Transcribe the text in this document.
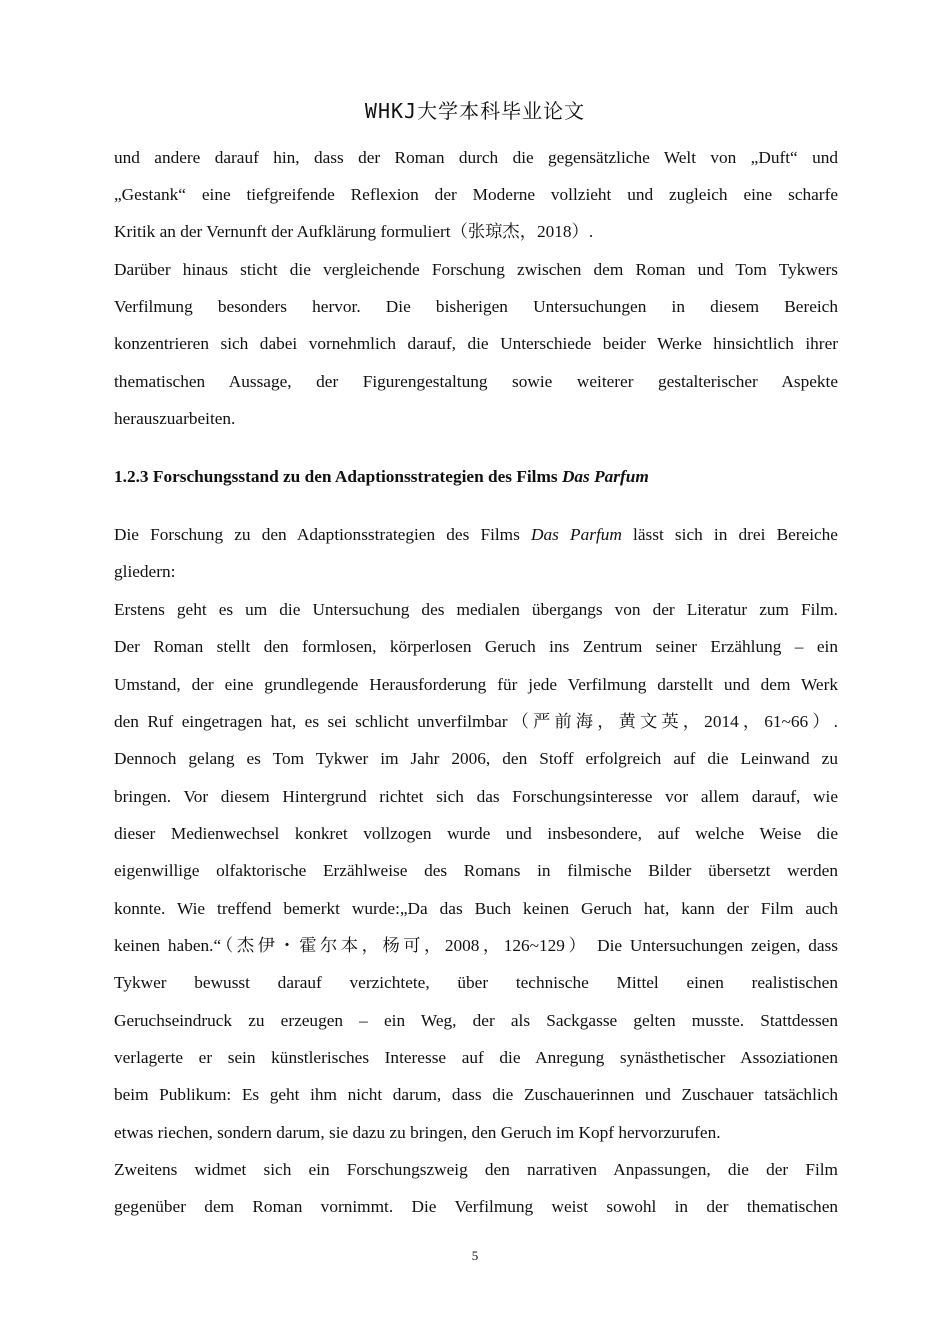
WHKJ大学本科毕业论文
und andere darauf hin, dass der Roman durch die gegensätzliche Welt von „Duft“ und
„Gestank“ eine tiefgreifende Reflexion der Moderne vollzieht und zugleich eine scharfe
Kritik an der Vernunft der Aufklärung formuliert（张琼杰，2018）.
Darüber hinaus sticht die vergleichende Forschung zwischen dem Roman und Tom Tykwers
Verfilmung besonders hervor. Die bisherigen Untersuchungen in diesem Bereich
konzentrieren sich dabei vornehmlich darauf, die Unterschiede beider Werke hinsichtlich ihrer
thematischen Aussage, der Figurengestaltung sowie weiterer gestalterischer Aspekte
herauszuarbeiten.
1.2.3 Forschungsstand zu den Adaptionsstrategien des Films Das Parfum
Die Forschung zu den Adaptionsstrategien des Films Das Parfum lässt sich in drei Bereiche
gliedern:
Erstens geht es um die Untersuchung des medialen übergangs von der Literatur zum Film.
Der Roman stellt den formlosen, körperlosen Geruch ins Zentrum seiner Erzählung – ein
Umstand, der eine grundlegende Herausforderung für jede Verfilmung darstellt und dem Werk
den Ruf eingetragen hat, es sei schlicht unverfilmbar（严前海，黄文英，2014，61~66）.
Dennoch gelang es Tom Tykwer im Jahr 2006, den Stoff erfolgreich auf die Leinwand zu
bringen. Vor diesem Hintergrund richtet sich das Forschungsinteresse vor allem darauf, wie
dieser Medienwechsel konkret vollzogen wurde und insbesondere, auf welche Weise die
eigenwillige olfaktorische Erzählweise des Romans in filmische Bilder übersetzt werden
konnte. Wie treffend bemerkt wurde:„Da das Buch keinen Geruch hat, kann der Film auch
keinen haben.“（杰伊・霍尔本，杨可，2008，126~129） Die Untersuchungen zeigen, dass
Tykwer bewusst darauf verzichtete, über technische Mittel einen realistischen
Geruchseindruck zu erzeugen – ein Weg, der als Sackgasse gelten musste. Stattdessen
verlagerte er sein künstlerisches Interesse auf die Anregung synästhetischer Assoziationen
beim Publikum: Es geht ihm nicht darum, dass die Zuschauerinnen und Zuschauer tatsächlich
etwas riechen, sondern darum, sie dazu zu bringen, den Geruch im Kopf hervorzurufen.
Zweitens widmet sich ein Forschungszweig den narrativen Anpassungen, die der Film
gegenüber dem Roman vornimmt. Die Verfilmung weist sowohl in der thematischen
5
